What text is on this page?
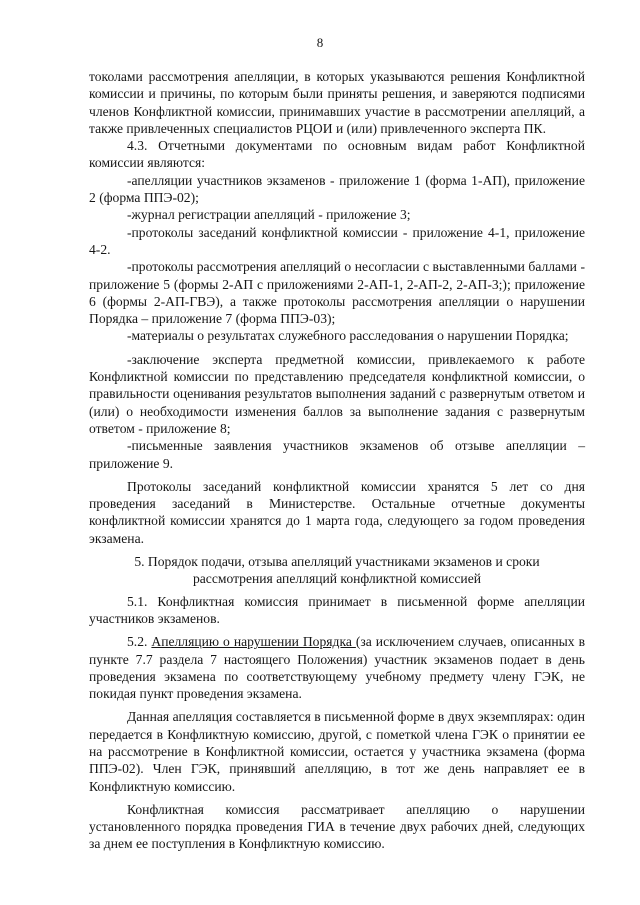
8

токолами рассмотрения апелляции, в которых указываются решения Конфликтной комиссии и причины, по которым были приняты решения, и заверяются подписями членов Конфликтной комиссии, принимавших участие в рассмотрении апелляций, а также привлеченных специалистов РЦОИ и (или) привлеченного эксперта ПК.

4.3. Отчетными документами по основным видам работ Конфликтной комиссии являются:

-апелляции участников экзаменов - приложение 1 (форма 1-АП), приложение 2 (форма ППЭ-02);

-журнал регистрации апелляций - приложение 3;

-протоколы заседаний конфликтной комиссии - приложение 4-1, приложение 4-2.

-протоколы рассмотрения апелляций о несогласии с выставленными баллами - приложение 5 (формы 2-АП с приложениями 2-АП-1, 2-АП-2, 2-АП-3;); приложение 6 (формы 2-АП-ГВЭ), а также протоколы рассмотрения апелляции о нарушении Порядка – приложение 7 (форма ППЭ-03);

-материалы о результатах служебного расследования о нарушении Порядка;

-заключение эксперта предметной комиссии, привлекаемого к работе Конфликтной комиссии по представлению председателя конфликтной комиссии, о правильности оценивания результатов выполнения заданий с развернутым ответом и (или) о необходимости изменения баллов за выполнение задания с развернутым ответом - приложение 8;

-письменные заявления участников экзаменов об отзыве апелляции – приложение 9.

Протоколы заседаний конфликтной комиссии хранятся 5 лет со дня проведения заседаний в Министерстве. Остальные отчетные документы конфликтной комиссии хранятся до 1 марта года, следующего за годом проведения экзамена.

5. Порядок подачи, отзыва апелляций участниками экзаменов и сроки
рассмотрения апелляций конфликтной комиссией

5.1. Конфликтная комиссия принимает в письменной форме апелляции участников экзаменов.

5.2. Апелляцию о нарушении Порядка (за исключением случаев, описанных в пункте 7.7 раздела 7 настоящего Положения) участник экзаменов подает в день проведения экзамена по соответствующему учебному предмету члену ГЭК, не покидая пункт проведения экзамена.

Данная апелляция составляется в письменной форме в двух экземплярах: один передается в Конфликтную комиссию, другой, с пометкой члена ГЭК о принятии ее на рассмотрение в Конфликтной комиссии, остается у участника экзамена (форма ППЭ-02). Член ГЭК, принявший апелляцию, в тот же день направляет ее в Конфликтную комиссию.

Конфликтная комиссия рассматривает апелляцию о нарушении установленного порядка проведения ГИА в течение двух рабочих дней, следующих за днем ее поступления в Конфликтную комиссию.
